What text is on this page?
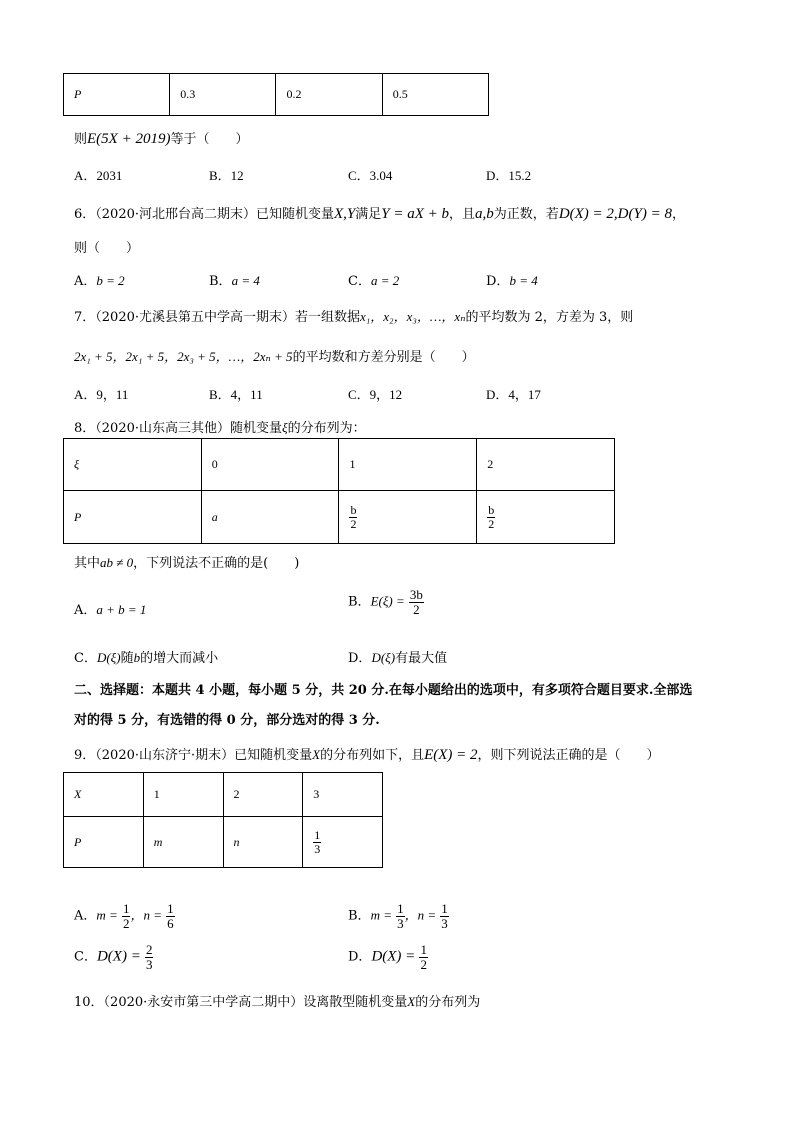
P	0.3	0.2	0.5
则E(5X + 2019)等于（　　）
A．2031	B．12	C．3.04	D．15.2
6．（2020·河北邢台高二期末）已知随机变量X,Y满足Y = aX + b，且a,b为正数，若D(X) = 2,D(Y) = 8，
则（　　）
A．b = 2	B．a = 4	C．a = 2	D．b = 4
7．（2020·尤溪县第五中学高一期末）若一组数据x₁，x₂，x₃，…，xₙ的平均数为 2，方差为 3，则
2x₁ + 5，2x₁ + 5，2x₃ + 5，…，2xₙ + 5的平均数和方差分别是（　　）
A．9，11	B．4，11	C．9，12	D．4，17
8．（2020·山东高三其他）随机变量ξ的分布列为：
ξ	0	1	2
P	a	$\frac{b}{2}$	$\frac{b}{2}$
其中ab ≠ 0，下列说法不正确的是(　　)
A．a + b = 1	B．$E(\xi) = \frac{3b}{2}$
C．D(ξ)随b的增大而减小	D．D(ξ)有最大值
二、选择题：本题共 4 小题，每小题 5 分，共 20 分.在每小题给出的选项中，有多项符合题目要求.全部选
对的得 5 分，有选错的得 0 分，部分选对的得 3 分.
9．（2020·山东济宁·期末）已知随机变量X的分布列如下，且E(X) = 2，则下列说法正确的是（　　）
X	1	2	3
P	m	n	$\frac{1}{3}$
A．$m = \frac{1}{2}$ ，$n = \frac{1}{6}$	B．$m = \frac{1}{3}$ ，$n = \frac{1}{3}$
C．$D(X) = \frac{2}{3}$	D．$D(X) = \frac{1}{2}$
10．（2020·永安市第三中学高二期中）设离散型随机变量X的分布列为
